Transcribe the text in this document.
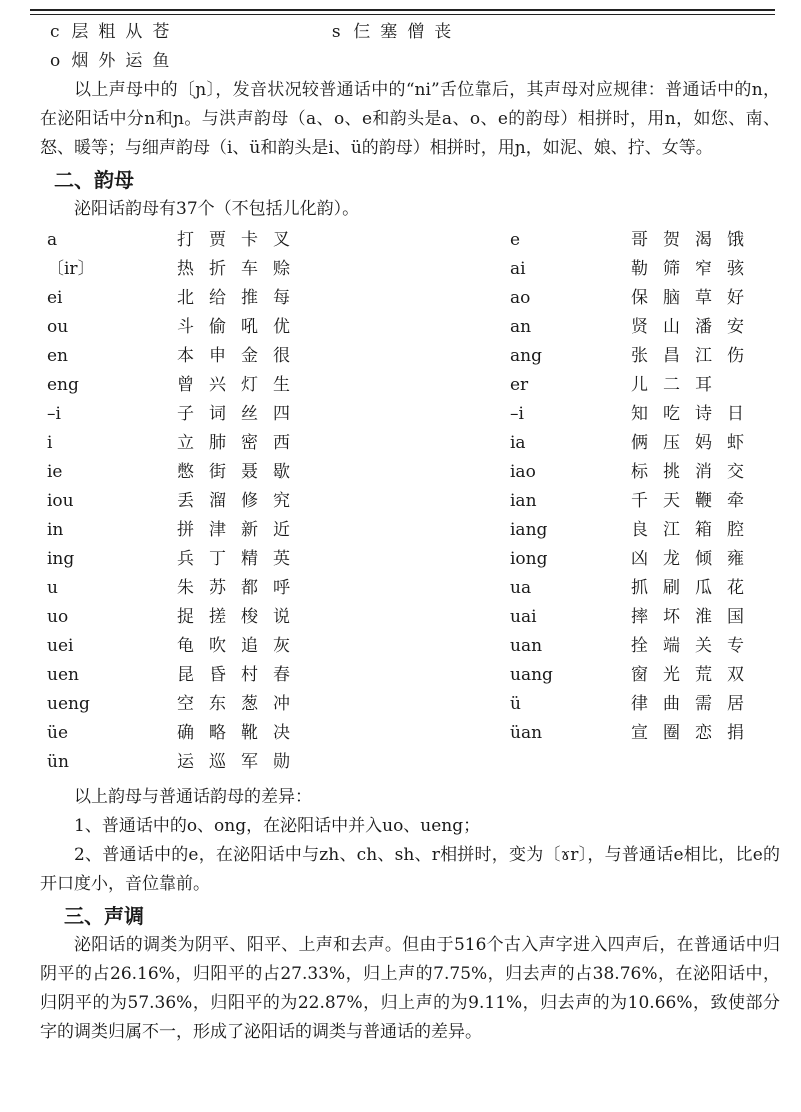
c 层粗从苍	s 仨塞僧丧
o 烟外运鱼

以上声母中的〔ɲ〕，发音状况较普通话中的“ni”舌位靠后，其声母对应规律：普通话中的n，在泌阳话中分n和ɲ。与洪声韵母（a、o、e和韵头是a、o、e的韵母）相拼时，用n，如您、南、怒、暖等；与细声韵母（i、ü和韵头是i、ü的韵母）相拼时，用ɲ，如泥、娘、拧、女等。

二、韵母

泌阳话韵母有37个（不包括儿化韵）。

a	打贾卡叉	e	哥贺渴饿
〔ir〕	热折车赊	ai	勒筛窄骇
ei	北给推每	ao	保脑草好
ou	斗偷吼优	an	贤山潘安
en	本申金很	ang	张昌江伤
eng	曾兴灯生	er	儿二耳
–i	子词丝四	–i	知吃诗日
i	立肺密西	ia	俩压妈虾
ie	憋街聂歇	iao	标挑消交
iou	丢溜修究	ian	千天鞭牵
in	拼津新近	iang	良江箱腔
ing	兵丁精英	iong	凶龙倾雍
u	朱苏都呼	ua	抓刷瓜花
uo	捉搓梭说	uai	摔坏淮国
uei	龟吹追灰	uan	拴端关专
uen	昆昏村春	uang	窗光荒双
ueng	空东葱冲	ü	律曲需居
üe	确略靴决	üan	宣圈恋捐
ün	运巡军勋		

以上韵母与普通话韵母的差异：

1、普通话中的o、ong，在泌阳话中并入uo、ueng；

2、普通话中的e，在泌阳话中与zh、ch、sh、r相拼时，变为〔ɤr〕，与普通话e相比，比e的开口度小，音位靠前。

三、声调

泌阳话的调类为阴平、阳平、上声和去声。但由于516个古入声字进入四声后，在普通话中归阴平的占26.16%，归阳平的占27.33%，归上声的7.75%，归去声的占38.76%，在泌阳话中，归阴平的为57.36%，归阳平的为22.87%，归上声的为9.11%，归去声的为10.66%，致使部分字的调类归属不一，形成了泌阳话的调类与普通话的差异。
